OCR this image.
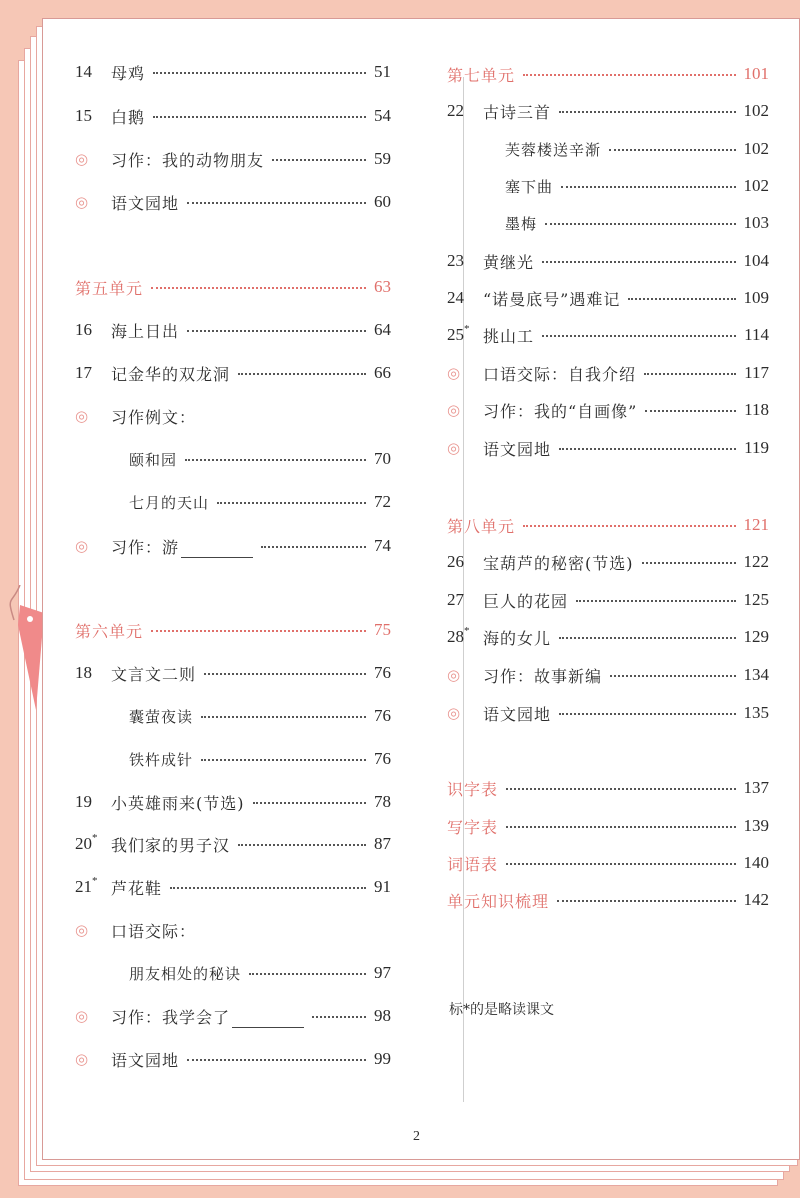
14	母鸡	51
15	白鹅	54
◎	习作：我的动物朋友	59
◎	语文园地	60
第五单元	63
16	海上日出	64
17	记金华的双龙洞	66
◎	习作例文：
颐和园	70
七月的天山	72
◎	习作：游	74
第六单元	75
18	文言文二则	76
囊萤夜读	76
铁杵成针	76
19	小英雄雨来(节选)	78
20 * 我们家的男子汉	87
21 * 芦花鞋	91
◎	口语交际：
朋友相处的秘诀	97
◎	习作：我学会了	98
◎	语文园地	99
第七单元	101
22	古诗三首	102
芙蓉楼送辛渐	102
塞下曲	102
墨梅	103
23	黄继光	104
24	“诺曼底号”遇难记	109
25 * 挑山工	114
◎	口语交际：自我介绍	117
◎	习作：我的“自画像”	118
◎	语文园地	119
第八单元	121
26	宝葫芦的秘密(节选)	122
27	巨人的花园	125
28 * 海的女儿	129
◎	习作：故事新编	134
◎	语文园地	135
识字表	137
写字表	139
词语表	140
单元知识梳理	142
标*的是略读课文
2
